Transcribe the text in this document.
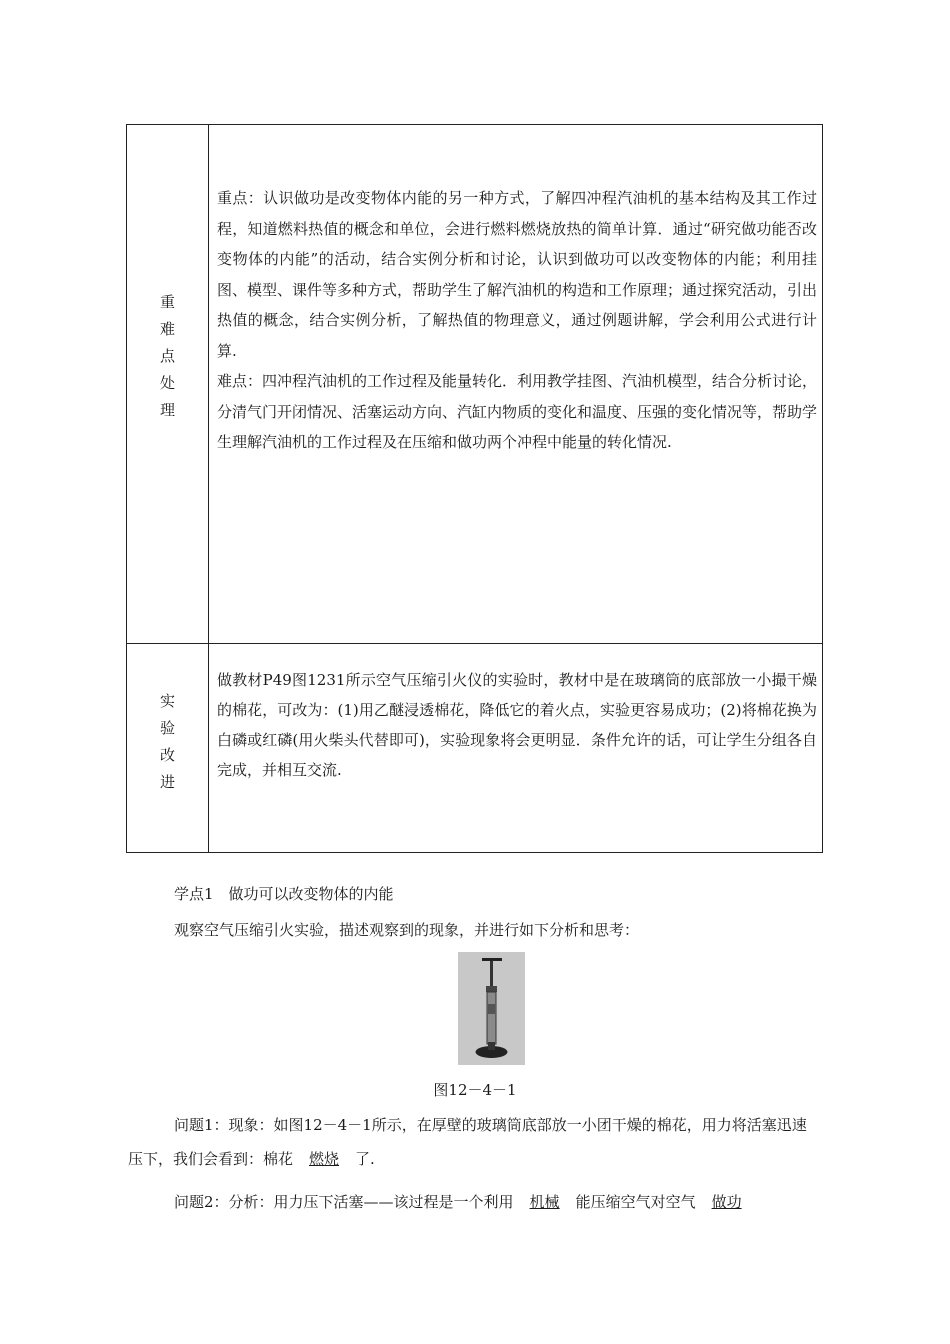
重
难
点
处
理

重点：认识做功是改变物体内能的另一种方式，了解四冲程汽油机的基本结构及其工作过程，知道燃料热值的概念和单位，会进行燃料燃烧放热的简单计算．通过“研究做功能否改变物体的内能”的活动，结合实例分析和讨论，认识到做功可以改变物体的内能；利用挂图、模型、课件等多种方式，帮助学生了解汽油机的构造和工作原理；通过探究活动，引出热值的概念，结合实例分析，了解热值的物理意义，通过例题讲解，学会利用公式进行计算.

难点：四冲程汽油机的工作过程及能量转化．利用教学挂图、汽油机模型，结合分析讨论，分清气门开闭情况、活塞运动方向、汽缸内物质的变化和温度、压强的变化情况等，帮助学生理解汽油机的工作过程及在压缩和做功两个冲程中能量的转化情况.

实
验
改
进

做教材P49图1231所示空气压缩引火仪的实验时，教材中是在玻璃筒的底部放一小撮干燥的棉花，可改为：(1)用乙醚浸透棉花，降低它的着火点，实验更容易成功；(2)将棉花换为白磷或红磷(用火柴头代替即可)，实验现象将会更明显．条件允许的话，可让学生分组各自完成，并相互交流.

学点1　做功可以改变物体的内能
观察空气压缩引火实验，描述观察到的现象，并进行如下分析和思考：
图12－4－1

问题1：现象：如图12－4－1所示，在厚壁的玻璃筒底部放一小团干燥的棉花，用力将活塞迅速压下，我们会看到：棉花 燃烧 了.

问题2：分析：用力压下活塞——该过程是一个利用 机械 能压缩空气对空气 做功
